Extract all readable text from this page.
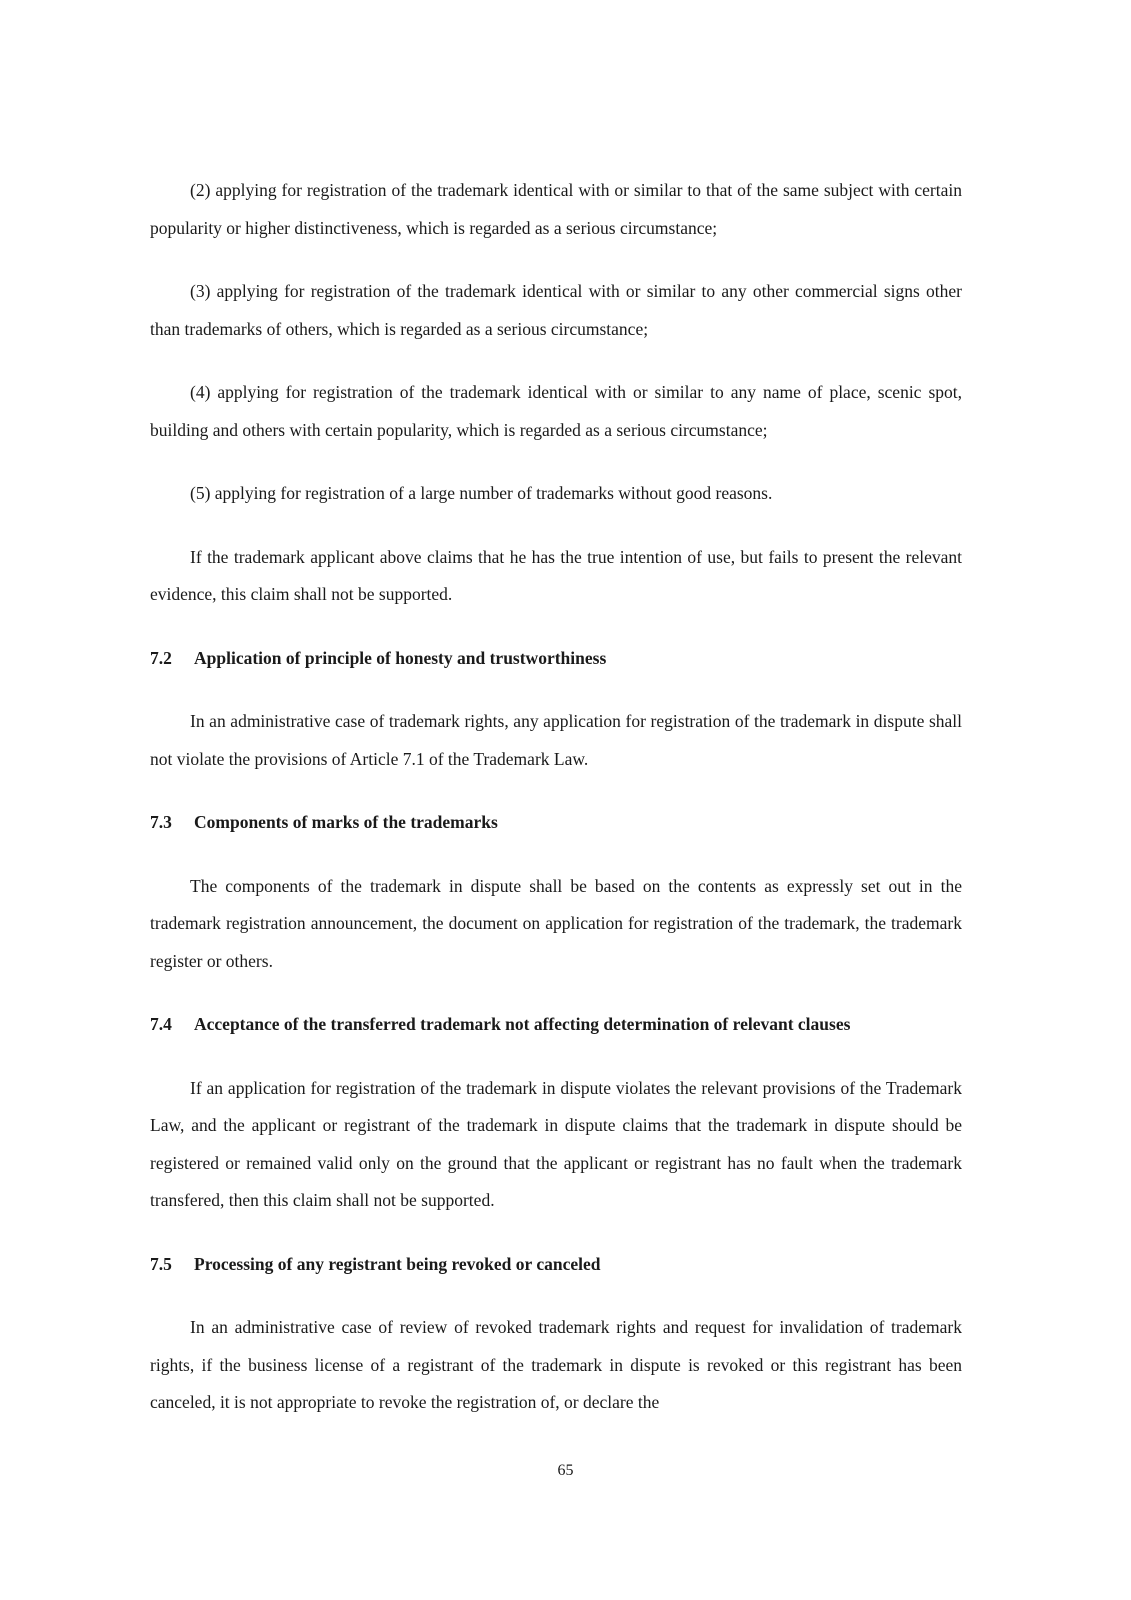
(2) applying for registration of the trademark identical with or similar to that of the same subject with certain popularity or higher distinctiveness, which is regarded as a serious circumstance;

(3) applying for registration of the trademark identical with or similar to any other commercial signs other than trademarks of others, which is regarded as a serious circumstance;

(4) applying for registration of the trademark identical with or similar to any name of place, scenic spot, building and others with certain popularity, which is regarded as a serious circumstance;

(5) applying for registration of a large number of trademarks without good reasons.

If the trademark applicant above claims that he has the true intention of use, but fails to present the relevant evidence, this claim shall not be supported.

7.2 Application of principle of honesty and trustworthiness

In an administrative case of trademark rights, any application for registration of the trademark in dispute shall not violate the provisions of Article 7.1 of the Trademark Law.

7.3 Components of marks of the trademarks

The components of the trademark in dispute shall be based on the contents as expressly set out in the trademark registration announcement, the document on application for registration of the trademark, the trademark register or others.

7.4 Acceptance of the transferred trademark not affecting determination of relevant clauses

If an application for registration of the trademark in dispute violates the relevant provisions of the Trademark Law, and the applicant or registrant of the trademark in dispute claims that the trademark in dispute should be registered or remained valid only on the ground that the applicant or registrant has no fault when the trademark transfered, then this claim shall not be supported.

7.5 Processing of any registrant being revoked or canceled

In an administrative case of review of revoked trademark rights and request for invalidation of trademark rights, if the business license of a registrant of the trademark in dispute is revoked or this registrant has been canceled, it is not appropriate to revoke the registration of, or declare the

65
